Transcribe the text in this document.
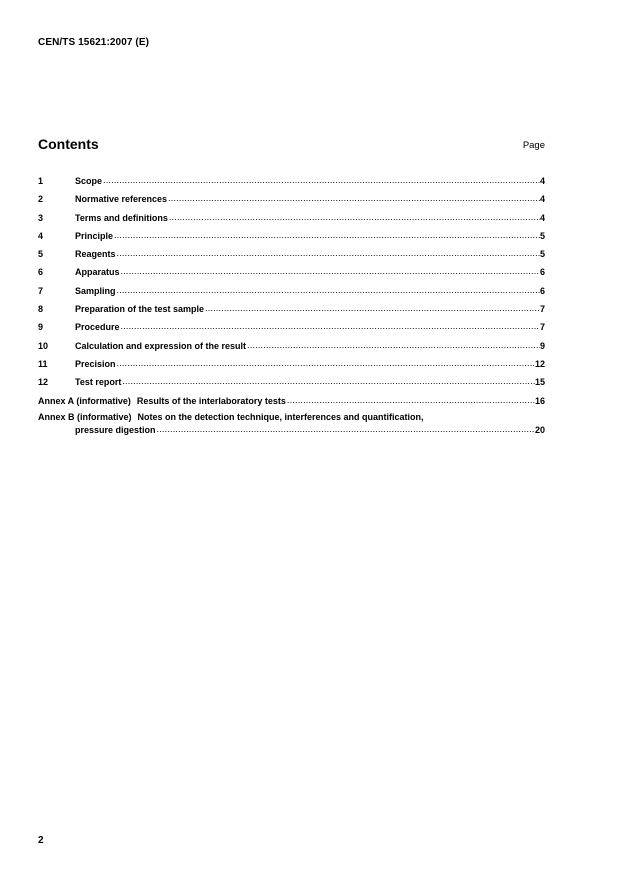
CEN/TS 15621:2007 (E)
Contents	Page
1	Scope .....	4
2	Normative references .....	4
3	Terms and definitions .....	4
4	Principle .....	5
5	Reagents .....	5
6	Apparatus .....	6
7	Sampling .....	6
8	Preparation of the test sample .....	7
9	Procedure .....	7
10	Calculation and expression of the result .....	9
11	Precision .....	12
12	Test report .....	15
Annex A (informative) Results of the interlaboratory tests .....	16
Annex B (informative) Notes on the detection technique, interferences and quantification,
pressure digestion .....	20
2
